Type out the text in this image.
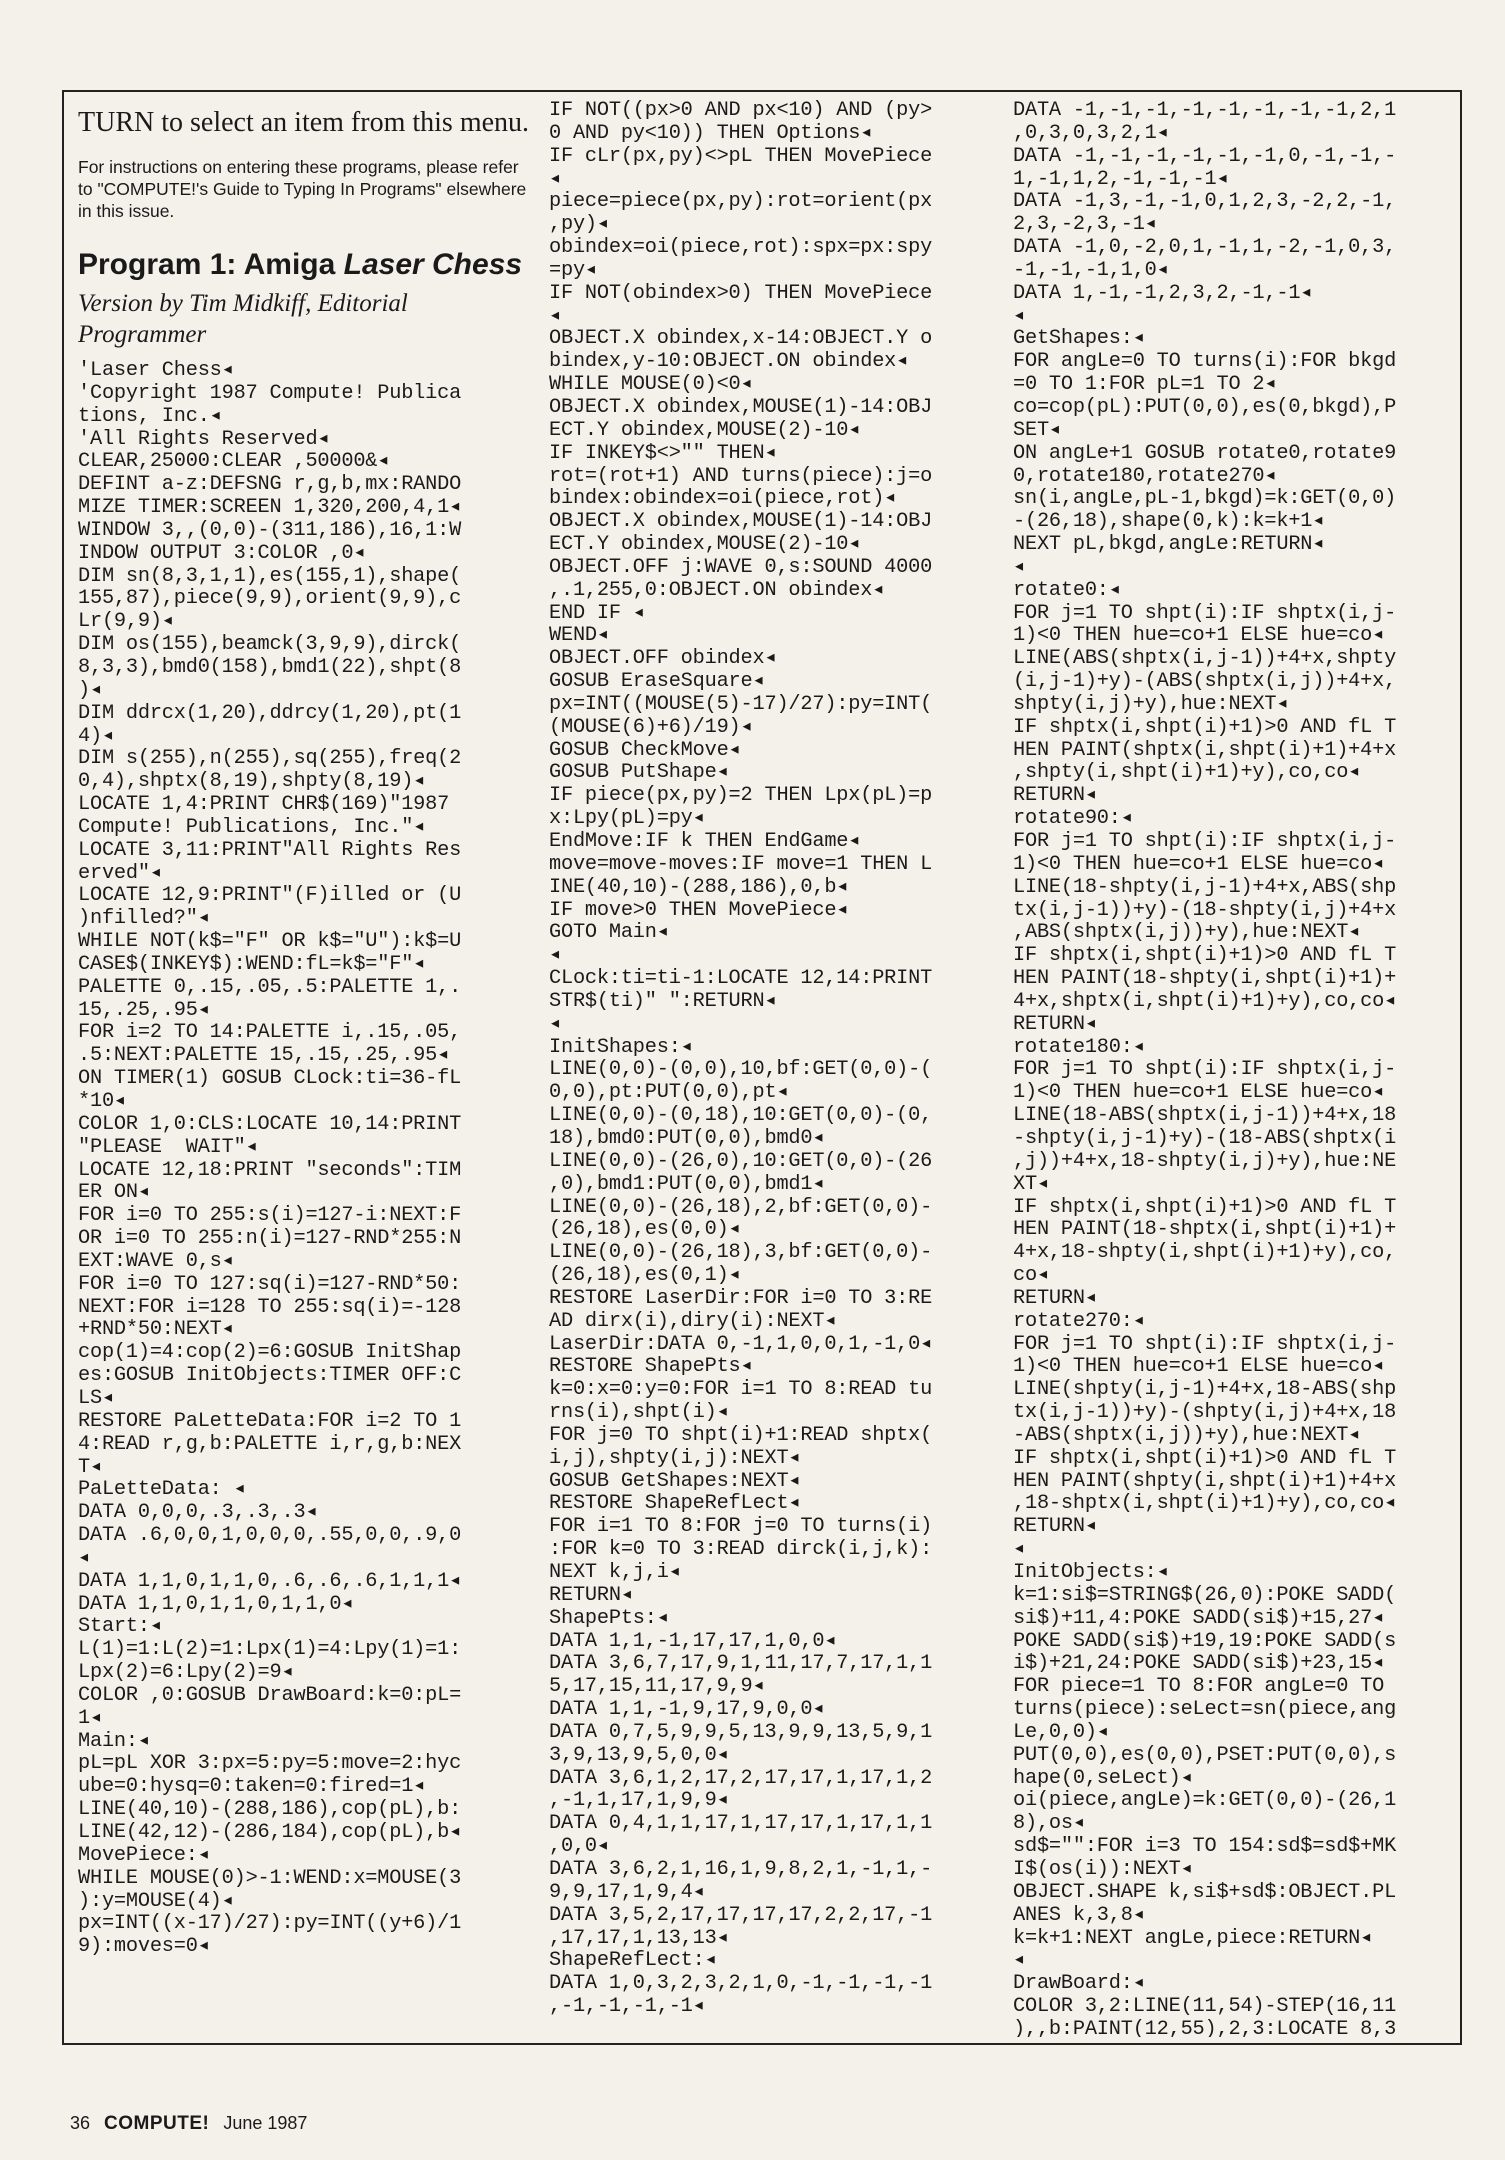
TURN to select an item from this menu.

For instructions on entering these programs, please refer to "COMPUTE!'s Guide to Typing In Programs" elsewhere in this issue.

Program 1: Amiga Laser Chess

Version by Tim Midkiff, Editorial Programmer

'Laser Chess◂
'Copyright 1987 Compute! Publica
tions, Inc.◂
'All Rights Reserved◂
CLEAR,25000:CLEAR ,50000&◂
DEFINT a-z:DEFSNG r,g,b,mx:RANDO
MIZE TIMER:SCREEN 1,320,200,4,1◂
WINDOW 3,,(0,0)-(311,186),16,1:W
INDOW OUTPUT 3:COLOR ,0◂
DIM sn(8,3,1,1),es(155,1),shape(
155,87),piece(9,9),orient(9,9),c
Lr(9,9)◂
DIM os(155),beamck(3,9,9),dirck(
8,3,3),bmd0(158),bmd1(22),shpt(8
)◂
DIM ddrcx(1,20),ddrcy(1,20),pt(1
4)◂
DIM s(255),n(255),sq(255),freq(2
0,4),shptx(8,19),shpty(8,19)◂
LOCATE 1,4:PRINT CHR$(169)"1987
Compute! Publications, Inc."◂
LOCATE 3,11:PRINT"All Rights Res
erved"◂
LOCATE 12,9:PRINT"(F)illed or (U
)nfilled?"◂
WHILE NOT(k$="F" OR k$="U"):k$=U
CASE$(INKEY$):WEND:fL=k$="F"◂
PALETTE 0,.15,.05,.5:PALETTE 1,.
15,.25,.95◂
FOR i=2 TO 14:PALETTE i,.15,.05,
.5:NEXT:PALETTE 15,.15,.25,.95◂
ON TIMER(1) GOSUB CLock:ti=36-fL
*10◂
COLOR 1,0:CLS:LOCATE 10,14:PRINT
"PLEASE  WAIT"◂
LOCATE 12,18:PRINT "seconds":TIM
ER ON◂
FOR i=0 TO 255:s(i)=127-i:NEXT:F
OR i=0 TO 255:n(i)=127-RND*255:N
EXT:WAVE 0,s◂
FOR i=0 TO 127:sq(i)=127-RND*50:
NEXT:FOR i=128 TO 255:sq(i)=-128
+RND*50:NEXT◂
cop(1)=4:cop(2)=6:GOSUB InitShap
es:GOSUB InitObjects:TIMER OFF:C
LS◂
RESTORE PaLetteData:FOR i=2 TO 1
4:READ r,g,b:PALETTE i,r,g,b:NEX
T◂
PaLetteData: ◂
DATA 0,0,0,.3,.3,.3◂
DATA .6,0,0,1,0,0,0,.55,0,0,.9,0
◂
DATA 1,1,0,1,1,0,.6,.6,.6,1,1,1◂
DATA 1,1,0,1,1,0,1,1,0◂
Start:◂
L(1)=1:L(2)=1:Lpx(1)=4:Lpy(1)=1:
Lpx(2)=6:Lpy(2)=9◂
COLOR ,0:GOSUB DrawBoard:k=0:pL=
1◂
Main:◂
pL=pL XOR 3:px=5:py=5:move=2:hyc
ube=0:hysq=0:taken=0:fired=1◂
LINE(40,10)-(288,186),cop(pL),b:
LINE(42,12)-(286,184),cop(pL),b◂
MovePiece:◂
WHILE MOUSE(0)>-1:WEND:x=MOUSE(3
):y=MOUSE(4)◂
px=INT((x-17)/27):py=INT((y+6)/1
9):moves=0◂
IF NOT((px>0 AND px<10) AND (py>
0 AND py<10)) THEN Options◂
IF cLr(px,py)<>pL THEN MovePiece
◂
piece=piece(px,py):rot=orient(px
,py)◂
obindex=oi(piece,rot):spx=px:spy
=py◂
IF NOT(obindex>0) THEN MovePiece
◂
OBJECT.X obindex,x-14:OBJECT.Y o
bindex,y-10:OBJECT.ON obindex◂
WHILE MOUSE(0)<0◂
OBJECT.X obindex,MOUSE(1)-14:OBJ
ECT.Y obindex,MOUSE(2)-10◂
IF INKEY$<>"" THEN◂
rot=(rot+1) AND turns(piece):j=o
bindex:obindex=oi(piece,rot)◂
OBJECT.X obindex,MOUSE(1)-14:OBJ
ECT.Y obindex,MOUSE(2)-10◂
OBJECT.OFF j:WAVE 0,s:SOUND 4000
,.1,255,0:OBJECT.ON obindex◂
END IF ◂
WEND◂
OBJECT.OFF obindex◂
GOSUB EraseSquare◂
px=INT((MOUSE(5)-17)/27):py=INT(
(MOUSE(6)+6)/19)◂
GOSUB CheckMove◂
GOSUB PutShape◂
IF piece(px,py)=2 THEN Lpx(pL)=p
x:Lpy(pL)=py◂
EndMove:IF k THEN EndGame◂
move=move-moves:IF move=1 THEN L
INE(40,10)-(288,186),0,b◂
IF move>0 THEN MovePiece◂
GOTO Main◂
◂
CLock:ti=ti-1:LOCATE 12,14:PRINT
STR$(ti)" ":RETURN◂
◂
InitShapes:◂
LINE(0,0)-(0,0),10,bf:GET(0,0)-(
0,0),pt:PUT(0,0),pt◂
LINE(0,0)-(0,18),10:GET(0,0)-(0,
18),bmd0:PUT(0,0),bmd0◂
LINE(0,0)-(26,0),10:GET(0,0)-(26
,0),bmd1:PUT(0,0),bmd1◂
LINE(0,0)-(26,18),2,bf:GET(0,0)-
(26,18),es(0,0)◂
LINE(0,0)-(26,18),3,bf:GET(0,0)-
(26,18),es(0,1)◂
RESTORE LaserDir:FOR i=0 TO 3:RE
AD dirx(i),diry(i):NEXT◂
LaserDir:DATA 0,-1,1,0,0,1,-1,0◂
RESTORE ShapePts◂
k=0:x=0:y=0:FOR i=1 TO 8:READ tu
rns(i),shpt(i)◂
FOR j=0 TO shpt(i)+1:READ shptx(
i,j),shpty(i,j):NEXT◂
GOSUB GetShapes:NEXT◂
RESTORE ShapeRefLect◂
FOR i=1 TO 8:FOR j=0 TO turns(i)
:FOR k=0 TO 3:READ dirck(i,j,k):
NEXT k,j,i◂
RETURN◂
ShapePts:◂
DATA 1,1,-1,17,17,1,0,0◂
DATA 3,6,7,17,9,1,11,17,7,17,1,1
5,17,15,11,17,9,9◂
DATA 1,1,-1,9,17,9,0,0◂
DATA 0,7,5,9,9,5,13,9,9,13,5,9,1
3,9,13,9,5,0,0◂
DATA 3,6,1,2,17,2,17,17,1,17,1,2
,-1,1,17,1,9,9◂
DATA 0,4,1,1,17,1,17,17,1,17,1,1
,0,0◂
DATA 3,6,2,1,16,1,9,8,2,1,-1,1,-
9,9,17,1,9,4◂
DATA 3,5,2,17,17,17,17,2,2,17,-1
,17,17,1,13,13◂
ShapeRefLect:◂
DATA 1,0,3,2,3,2,1,0,-1,-1,-1,-1
,-1,-1,-1,-1◂
DATA -1,-1,-1,-1,-1,-1,-1,-1,2,1
,0,3,0,3,2,1◂
DATA -1,-1,-1,-1,-1,-1,0,-1,-1,-
1,-1,1,2,-1,-1,-1◂
DATA -1,3,-1,-1,0,1,2,3,-2,2,-1,
2,3,-2,3,-1◂
DATA -1,0,-2,0,1,-1,1,-2,-1,0,3,
-1,-1,-1,1,0◂
DATA 1,-1,-1,2,3,2,-1,-1◂
◂
GetShapes:◂
FOR angLe=0 TO turns(i):FOR bkgd
=0 TO 1:FOR pL=1 TO 2◂
co=cop(pL):PUT(0,0),es(0,bkgd),P
SET◂
ON angLe+1 GOSUB rotate0,rotate9
0,rotate180,rotate270◂
sn(i,angLe,pL-1,bkgd)=k:GET(0,0)
-(26,18),shape(0,k):k=k+1◂
NEXT pL,bkgd,angLe:RETURN◂
◂
rotate0:◂
FOR j=1 TO shpt(i):IF shptx(i,j-
1)<0 THEN hue=co+1 ELSE hue=co◂
LINE(ABS(shptx(i,j-1))+4+x,shpty
(i,j-1)+y)-(ABS(shptx(i,j))+4+x,
shpty(i,j)+y),hue:NEXT◂
IF shptx(i,shpt(i)+1)>0 AND fL T
HEN PAINT(shptx(i,shpt(i)+1)+4+x
,shpty(i,shpt(i)+1)+y),co,co◂
RETURN◂
rotate90:◂
FOR j=1 TO shpt(i):IF shptx(i,j-
1)<0 THEN hue=co+1 ELSE hue=co◂
LINE(18-shpty(i,j-1)+4+x,ABS(shp
tx(i,j-1))+y)-(18-shpty(i,j)+4+x
,ABS(shptx(i,j))+y),hue:NEXT◂
IF shptx(i,shpt(i)+1)>0 AND fL T
HEN PAINT(18-shpty(i,shpt(i)+1)+
4+x,shptx(i,shpt(i)+1)+y),co,co◂
RETURN◂
rotate180:◂
FOR j=1 TO shpt(i):IF shptx(i,j-
1)<0 THEN hue=co+1 ELSE hue=co◂
LINE(18-ABS(shptx(i,j-1))+4+x,18
-shpty(i,j-1)+y)-(18-ABS(shptx(i
,j))+4+x,18-shpty(i,j)+y),hue:NE
XT◂
IF shptx(i,shpt(i)+1)>0 AND fL T
HEN PAINT(18-shptx(i,shpt(i)+1)+
4+x,18-shpty(i,shpt(i)+1)+y),co,
co◂
RETURN◂
rotate270:◂
FOR j=1 TO shpt(i):IF shptx(i,j-
1)<0 THEN hue=co+1 ELSE hue=co◂
LINE(shpty(i,j-1)+4+x,18-ABS(shp
tx(i,j-1))+y)-(shpty(i,j)+4+x,18
-ABS(shptx(i,j))+y),hue:NEXT◂
IF shptx(i,shpt(i)+1)>0 AND fL T
HEN PAINT(shpty(i,shpt(i)+1)+4+x
,18-shptx(i,shpt(i)+1)+y),co,co◂
RETURN◂
◂
InitObjects:◂
k=1:si$=STRING$(26,0):POKE SADD(
si$)+11,4:POKE SADD(si$)+15,27◂
POKE SADD(si$)+19,19:POKE SADD(s
i$)+21,24:POKE SADD(si$)+23,15◂
FOR piece=1 TO 8:FOR angLe=0 TO
turns(piece):seLect=sn(piece,ang
Le,0,0)◂
PUT(0,0),es(0,0),PSET:PUT(0,0),s
hape(0,seLect)◂
oi(piece,angLe)=k:GET(0,0)-(26,1
8),os◂
sd$="":FOR i=3 TO 154:sd$=sd$+MK
I$(os(i)):NEXT◂
OBJECT.SHAPE k,si$+sd$:OBJECT.PL
ANES k,3,8◂
k=k+1:NEXT angLe,piece:RETURN◂
◂
DrawBoard:◂
COLOR 3,2:LINE(11,54)-STEP(16,11
),,b:PAINT(12,55),2,3:LOCATE 8,3
36 COMPUTE! June 1987
